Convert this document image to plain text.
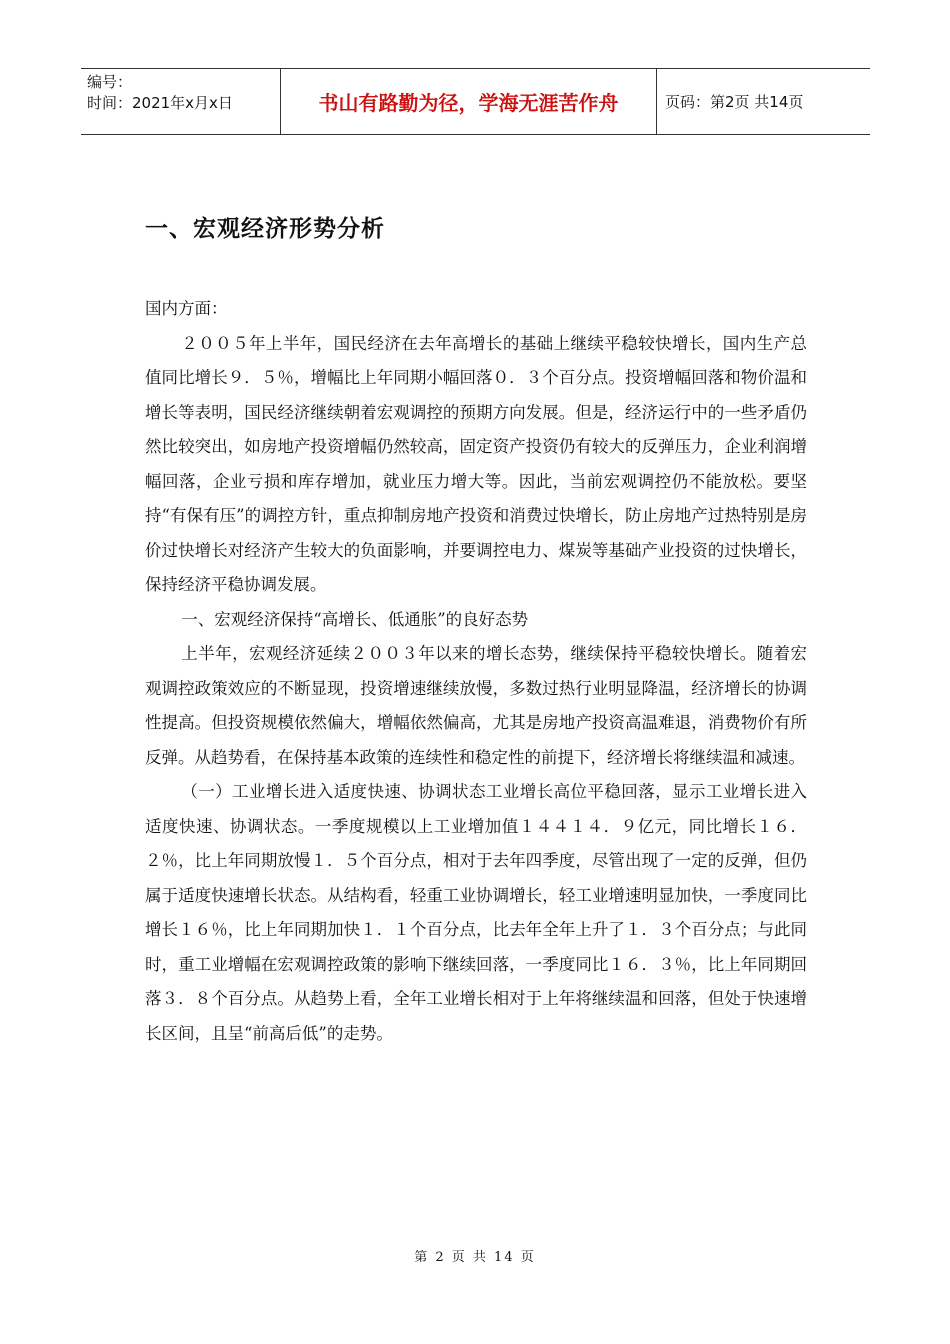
编号：
时间：2021年x月x日	书山有路勤为径，学海无涯苦作舟	页码：第2页 共14页
一、宏观经济形势分析

国内方面：

２００５年上半年，国民经济在去年高增长的基础上继续平稳较快增长，国内生产总值同比增长９．５％，增幅比上年同期小幅回落０．３个百分点。投资增幅回落和物价温和增长等表明，国民经济继续朝着宏观调控的预期方向发展。但是，经济运行中的一些矛盾仍然比较突出，如房地产投资增幅仍然较高，固定资产投资仍有较大的反弹压力，企业利润增幅回落，企业亏损和库存增加，就业压力增大等。因此，当前宏观调控仍不能放松。要坚持“有保有压”的调控方针，重点抑制房地产投资和消费过快增长，防止房地产过热特别是房价过快增长对经济产生较大的负面影响，并要调控电力、煤炭等基础产业投资的过快增长，保持经济平稳协调发展。

一、宏观经济保持“高增长、低通胀”的良好态势

上半年，宏观经济延续２００３年以来的增长态势，继续保持平稳较快增长。随着宏观调控政策效应的不断显现，投资增速继续放慢，多数过热行业明显降温，经济增长的协调性提高。但投资规模依然偏大，增幅依然偏高，尤其是房地产投资高温难退，消费物价有所反弹。从趋势看，在保持基本政策的连续性和稳定性的前提下，经济增长将继续温和减速。

（一）工业增长进入适度快速、协调状态工业增长高位平稳回落，显示工业增长进入适度快速、协调状态。一季度规模以上工业增加值１４４１４．９亿元，同比增长１６．２％，比上年同期放慢１．５个百分点，相对于去年四季度，尽管出现了一定的反弹，但仍属于适度快速增长状态。从结构看，轻重工业协调增长，轻工业增速明显加快，一季度同比增长１６％，比上年同期加快１．１个百分点，比去年全年上升了１．３个百分点；与此同时，重工业增幅在宏观调控政策的影响下继续回落，一季度同比１６．３％，比上年同期回落３．８个百分点。从趋势上看，全年工业增长相对于上年将继续温和回落，但处于快速增长区间，且呈“前高后低”的走势。

第 2 页 共 14 页
